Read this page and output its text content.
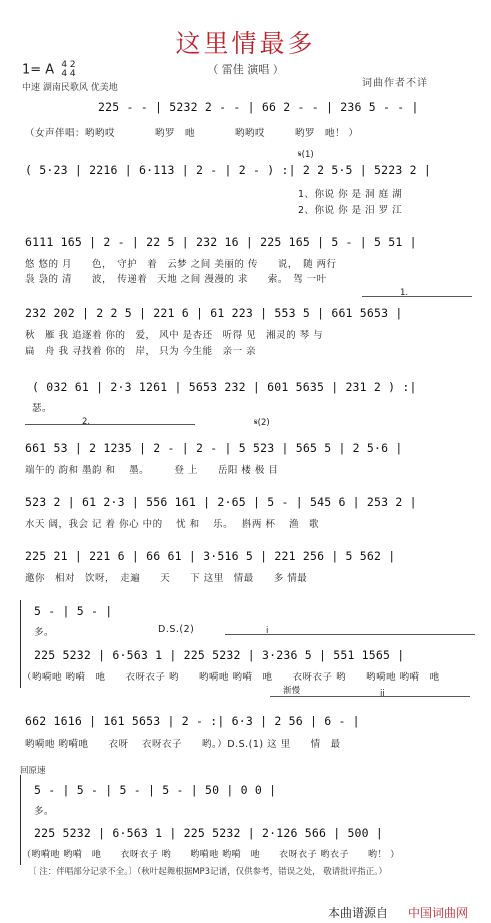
这里情最多
（ 雷佳 演唱 ）
1= A 4 2
4 4
中速 湖南民歌风 优美地	词曲作者不详
225 - - | 5232 2 - - | 66 2 - - | 236 5 - - |
（女声伴唱：哟哟哎　　　　哟罗　吔　　　　哟哟哎　　　哟罗　吔！ ）
𝄋(1)
( 5·23 | 2216 | 6·113 | 2 - | 2 - ) :| 2 2 5·5 | 5223 2 |
1、你说 你 是 洞 庭 湖
2、你说 你 是 汨 罗 江
6111 165 | 2 - | 22 5 | 232 16 | 225 165 | 5 - | 5 51 |
悠 悠的 月　　色，　守护　着　云梦 之间 美丽的 传　　说，　随 两行
袅 袅的 清　　波，　传递着　天地 之间 漫漫的 求　　索。　驾 一叶
1.
232 202 | 2 2 5 | 221 6 | 61 223 | 553 5 | 661 5653 |
秋　雁 我 追逐着 你的　爱， 风中 是杏还　听得 见　湘灵的 琴 与
扁　舟 我 寻找着 你的　岸， 只为 今生能　亲一 亲
( 032 61 | 2·3 1261 | 5653 232 | 601 5635 | 231 2 ) :|
瑟。
2.	𝄋(2)
661 53 | 2 1235 | 2 - | 2 - | 5 523 | 565 5 | 2 5·6 |
端午的 韵和 墨韵 和　 墨。　　　登 上　　岳阳 楼 极 目
523 2 | 61 2·3 | 556 161 | 2·65 | 5 - | 545 6 | 253 2 |
水天 阔，我会 记 着 你心 中的　 忧 和　 乐。　 斟两 杯　 渔　歌
225 21 | 221 6 | 66 61 | 3·516 5 | 221 256 | 5 562 |
邀你　相对　饮呀，　走遍　　天　　下 这里　情最　　多 情最
5 - | 5 - |
多。	D.S.(2)	i
225 5232 | 6·563 1 | 225 5232 | 3·236 5 | 551 1565 |
（哟嗬吔 哟嗬　吔　　衣呀衣子 哟　　哟嗬吔 哟嗬　吔　　衣呀衣子 哟　　哟嗬吔 哟嗬　吔
渐慢	ii
662 1616 | 161 5653 | 2 - :| 6·3 | 2 56 | 6 - |
哟嗬吔 哟嗬吔　　衣呀　 衣呀衣子　　哟。）D.S.(1) 这 里　　情　最
回原速
5 - | 5 - | 5 - | 5 - | 50 | 0 0 |
多。
225 5232 | 6·563 1 | 225 5232 | 2·126 566 | 500 |
（哟嗬吔 哟嗬　吔　　衣呀衣子 哟　　哟嗬吔 哟嗬　吔　　衣呀衣子 哟衣子　　哟！ ）
〔 注：伴唱部分记录不全。〕（秋叶起舞根据MP3记谱，仅供参考，错误之处， 敬请批评指正。）
本曲谱源自 中国词曲网
